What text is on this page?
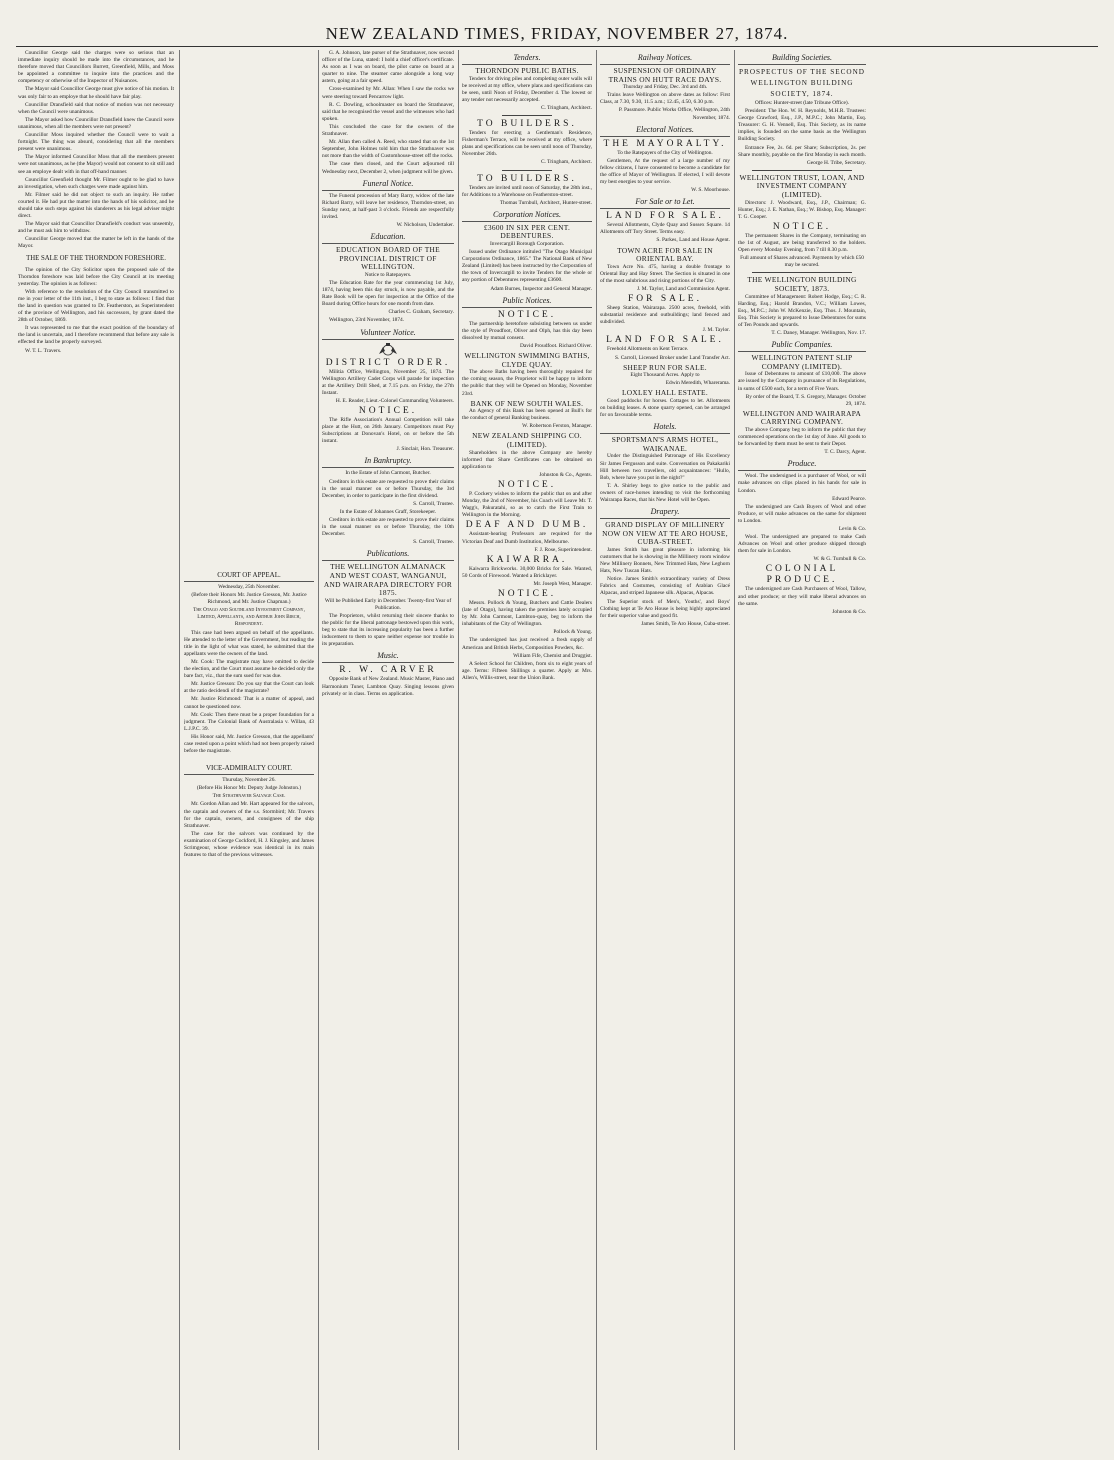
NEW ZEALAND TIMES, FRIDAY, NOVEMBER 27, 1874.

Councillor George said the charges were so serious that an immediate inquiry should be made into the circumstances, and he therefore moved that Councillors Burrett, Greenfield, Mills, and Moss be appointed a committee to inquire into the practices and the competency or otherwise of the Inspector of Nuisances.

The Mayor said Councillor George must give notice of his motion. It was only fair to an employe that he should have fair play.

Councillor Dransfield said that notice of motion was not necessary when the Council were unanimous.

The Mayor asked how Councillor Dransfield knew the Council were unanimous, when all the members were not present?

Councillor Moss inquired whether the Council were to wait a fortnight. The thing was absurd, considering that all the members present were unanimous.

The Mayor informed Councillor Moss that all the members present were not unanimous, as he (the Mayor) would not consent to sit still and see an employe dealt with in that off-hand manner.

Councillor Greenfield thought Mr. Filmer ought to be glad to have an investigation, when such charges were made against him.

Mr. Filmer said he did not object to such an inquiry. He rather courted it. He had put the matter into the hands of his solicitor, and he should take such steps against his slanderers as his legal adviser might direct.

The Mayor said that Councillor Dransfield's conduct was unseemly, and he must ask him to withdraw.

Councillor George moved that the matter be left in the hands of the Mayor.

THE SALE OF THE THORNDON FORESHORE.

The opinion of the City Solicitor upon the proposed sale of the Thorndon foreshore was laid before the City Council at its meeting yesterday. The opinion is as follows:

With reference to the resolution of the City Council transmitted to me in your letter of the 11th inst., I beg to state as follows: I find that the land in question was granted to Dr. Featherston, as Superintendent of the province of Wellington, and his successors, by grant dated the 28th of October, 1869.

It was represented to me that the exact position of the boundary of the land is uncertain, and I therefore recommend that before any sale is effected the land be properly surveyed.

W. T. L. Travers.

COURT OF APPEAL.

Wednesday, 25th November.

(Before their Honors Mr. Justice Gresson, Mr. Justice Richmond, and Mr. Justice Chapman.)

The Otago and Southland Investment Company, Limited, Appellants, and Arthur John Birch, Respondent.

This case had been argued on behalf of the appellants. He attended to the letter of the Government, but reading the title in the light of what was stated, he submitted that the appellants were the owners of the land.

Mr. Cook: The magistrate may have omitted to decide the election, and the Court must assume he decided only the bare fact, viz., that the sum sued for was due.

Mr. Justice Gresson: Do you say that the Court can look at the ratio decidendi of the magistrate?

Mr. Justice Richmond: That is a matter of appeal, and cannot be questioned now.

Mr. Cook: Then there must be a proper foundation for a judgment. The Colonial Bank of Australasia v. Willan, 43 L.J.P.C. 39.

His Honor said, Mr. Justice Gresson, that the appellants' case rested upon a point which had not been properly raised before the magistrate.

VICE-ADMIRALTY COURT.

Thursday, November 26.

(Before His Honor Mr. Deputy Judge Johnston.)

The Strathnaver Salvage Case.

Mr. Gordon Allan and Mr. Hart appeared for the salvors, the captain and owners of the s.s. Stormbird; Mr. Travers for the captain, owners, and consignees of the ship Strathnaver.

The case for the salvors was continued by the examination of George Cockford, H. J. Kingsley, and James Scrimgeour, whose evidence was identical in its main features to that of the previous witnesses.

G. A. Johnson, late purser of the Strathnaver, now second officer of the Luna, stated: I hold a chief officer's certificate. As soon as I was on board, the pilot came on board at a quarter to nine. The steamer came alongside a long way astern, going at a fair speed.

Cross-examined by Mr. Allan: When I saw the rocks we were steering toward Pencarrow light.

R. C. Dowling, schoolmaster on board the Strathnaver, said that he recognised the vessel and the witnesses who had spoken.

This concluded the case for the owners of the Strathnaver.

Mr. Allan then called A. Reed, who stated that on the 1st September, John Holmes told him that the Strathnaver was not more than the width of Customhouse-street off the rocks.

The case then closed, and the Court adjourned till Wednesday next, December 2, when judgment will be given.

Funeral Notice.

The Funeral procession of Mary Barry, widow of the late Richard Barry, will leave her residence, Thorndon-street, on Sunday next, at half-past 3 o'clock. Friends are respectfully invited.

W. Nicholson, Undertaker.

Education.
EDUCATION BOARD OF THE PROVINCIAL DISTRICT OF WELLINGTON.

Notice to Ratepayers.

The Education Rate for the year commencing 1st July, 1874, having been this day struck, is now payable, and the Rate Book will be open for inspection at the Office of the Board during Office hours for one month from date.

Charles C. Graham, Secretary.

Wellington, 23rd November, 1874.

Volunteer Notice.
DISTRICT ORDER.

Militia Office, Wellington, November 25, 1874. The Wellington Artillery Cadet Corps will parade for inspection at the Artillery Drill Shed, at 7.15 p.m. on Friday, the 27th Instant.

H. E. Reader, Lieut.-Colonel Commanding Volunteers.

NOTICE.

The Rifle Association's Annual Competition will take place at the Hutt, on 26th January. Competitors must Pay Subscriptions at Donovan's Hotel, on or before the 5th instant.

J. Sinclair, Hon. Treasurer.

In Bankruptcy.

In the Estate of John Carmont, Butcher.

Creditors in this estate are requested to prove their claims in the usual manner on or before Thursday, the 3rd December, in order to participate in the first dividend.

S. Carroll, Trustee.

In the Estate of Johannes Graff, Storekeeper.

Creditors in this estate are requested to prove their claims in the usual manner on or before Thursday, the 10th December.

S. Carroll, Trustee.

Publications.
THE WELLINGTON ALMANACK AND WEST COAST, WANGANUI, AND WAIRARAPA DIRECTORY FOR 1875.

Will be Published Early in December. Twenty-first Year of Publication.

The Proprietors, whilst returning their sincere thanks to the public for the liberal patronage bestowed upon this work, beg to state that its increasing popularity has been a further inducement to them to spare neither expense nor trouble in its preparation.

Music.
R. W. CARVER

Opposite Bank of New Zealand. Music Master, Piano and Harmonium Tuner, Lambton Quay. Singing lessons given privately or in class. Terms on application.

Tenders.
THORNDON PUBLIC BATHS.

Tenders for driving piles and completing outer walls will be received at my office, where plans and specifications can be seen, until Noon of Friday, December 4. The lowest or any tender not necessarily accepted.

C. Tringham, Architect.

TO BUILDERS.

Tenders for erecting a Gentleman's Residence, Fisherman's Terrace, will be received at my office, where plans and specifications can be seen until noon of Thursday, November 26th.

C. Tringham, Architect.

TO BUILDERS.

Tenders are invited until noon of Saturday, the 28th inst., for Additions to a Warehouse on Featherston-street.

Thomas Turnbull, Architect, Hunter-street.

Corporation Notices.
£3600 IN SIX PER CENT. DEBENTURES.

Invercargill Borough Corporation.

Issued under Ordinance intituled "The Otago Municipal Corporations Ordinance, 1865." The National Bank of New Zealand (Limited) has been instructed by the Corporation of the town of Invercargill to invite Tenders for the whole or any portion of Debentures representing £3600.

Adam Burnes, Inspector and General Manager.

Public Notices.
NOTICE.

The partnership heretofore subsisting between us under the style of Proudfoot, Oliver and Olph, has this day been dissolved by mutual consent.

David Proudfoot. Richard Oliver.

WELLINGTON SWIMMING BATHS, CLYDE QUAY.

The above Baths having been thoroughly repaired for the coming season, the Proprietor will be happy to inform the public that they will be Opened on Monday, November 23rd.

BANK OF NEW SOUTH WALES.

An Agency of this Bank has been opened at Bull's for the conduct of general Banking business.

W. Robertson Ferston, Manager.

NEW ZEALAND SHIPPING CO. (LIMITED).

Shareholders in the above Company are hereby informed that Share Certificates can be obtained on application to

Johnston & Co., Agents.

NOTICE.

P. Cockery wishes to inform the public that on and after Monday, the 2nd of November, his Coach will Leave Mr. T. Wagg's, Pakuratahi, so as to catch the First Train to Wellington in the Morning.

DEAF AND DUMB.

Assistant-hearing Professors are required for the Victorian Deaf and Dumb Institution, Melbourne.

F. J. Rose, Superintendent.

KAIWARRA.

Kaiwarra Brickworks. 30,000 Bricks for Sale. Wanted, 50 Cords of Firewood. Wanted a Bricklayer.

Mr. Joseph West, Manager.

NOTICE.

Messrs. Pollock & Young, Butchers and Cattle Dealers (late of Otago), having taken the premises lately occupied by Mr. John Carmont, Lambton-quay, beg to inform the inhabitants of the City of Wellington.

Pollock & Young.

The undersigned has just received a fresh supply of American and British Herbs, Composition Powders, &c.

William Fife, Chemist and Druggist.

A Select School for Children, from six to eight years of age. Terms: Fifteen Shillings a quarter. Apply at Mrs. Allen's, Willis-street, near the Union Bank.

Railway Notices.
SUSPENSION OF ORDINARY TRAINS ON HUTT RACE DAYS.

Thursday and Friday, Dec. 3rd and 4th.

Trains leave Wellington on above dates as follow: First Class, at 7.30, 9.30, 11.5 a.m.; 12.45, 4.50, 6.30 p.m.

P. Passmore. Public Works Office, Wellington, 24th November, 1874.

Electoral Notices.
THE MAYORALTY.

To the Ratepayers of the City of Wellington.

Gentlemen, At the request of a large number of my fellow citizens, I have consented to become a candidate for the office of Mayor of Wellington. If elected, I will devote my best energies to your service.

W. S. Moorhouse.

For Sale or to Let.
LAND FOR SALE.

Several Allotments, Clyde Quay and Sussex Square. 14 Allotments off Tory Street. Terms easy.

S. Parkes, Land and House Agent.

TOWN ACRE FOR SALE IN ORIENTAL BAY.

Town Acre No. 475, having a double frontage to Oriental Bay and Hay Street. The Section is situated in one of the most salubrious and rising portions of the City.

J. M. Taylor, Land and Commission Agent.

FOR SALE.

Sheep Station, Wairarapa. 2500 acres, freehold, with substantial residence and outbuildings; land fenced and subdivided.

J. M. Taylor.

LAND FOR SALE.

Freehold Allotments on Kent Terrace.

S. Carroll, Licensed Broker under Land Transfer Act.

SHEEP RUN FOR SALE.

Eight Thousand Acres. Apply to

Edwin Meredith, Wharerama.

LOXLEY HALL ESTATE.

Good paddocks for horses. Cottages to let. Allotments on building leases. A stone quarry opened, can be arranged for on favourable terms.

Hotels.
SPORTSMAN'S ARMS HOTEL, WAIKANAE.

Under the Distinguished Patronage of His Excellency Sir James Fergusson and suite. Conversation on Pakakariki Hill between two travellers, old acquaintances: "Hullo, Bob, where have you put in the night?"

T. A. Shirley begs to give notice to the public and owners of race-horses intending to visit the forthcoming Wairarapa Races, that his New Hotel will be Open.

Drapery.
GRAND DISPLAY OF MILLINERY NOW ON VIEW AT TE ARO HOUSE, CUBA-STREET.

James Smith has great pleasure in informing his customers that he is showing in the Millinery room window New Millinery Bonnets, New Trimmed Hats, New Leghorn Hats, New Tuscan Hats.

Notice. James Smith's extraordinary variety of Dress Fabrics and Costumes, consisting of Arabian Glacé Alpacas, and striped Japanese silk. Alpacas, Alpacas.

The Superior stock of Men's, Youths', and Boys' Clothing kept at Te Aro House is being highly appreciated for their superior value and good fit.

James Smith, Te Aro House, Cuba-street.

Building Societies.
PROSPECTUS OF THE SECOND WELLINGTON BUILDING SOCIETY, 1874.

Offices: Hunter-street (late Tribune Office).

President: The Hon. W. H. Reynolds, M.H.R. Trustees: George Crawford, Esq., J.P., M.P.C.; John Martin, Esq. Treasurer: G. H. Vennell, Esq. This Society, as its name implies, is founded on the same basis as the Wellington Building Society.

Entrance Fee, 2s. 6d. per Share; Subscription, 2s. per Share monthly, payable on the first Monday in each month.

George H. Tribe, Secretary.

WELLINGTON TRUST, LOAN, AND INVESTMENT COMPANY (LIMITED).

Directors: J. Woodward, Esq., J.P., Chairman; G. Hunter, Esq.; J. E. Nathan, Esq.; W. Bishop, Esq. Manager: T. G. Cooper.

NOTICE.

The permanent Shares in the Company, terminating on the 1st of August, are being transferred to the holders. Open every Monday Evening, from 7 till 8.30 p.m.

Full amount of Shares advanced. Payments by which £50 may be secured.

THE WELLINGTON BUILDING SOCIETY, 1873.

Committee of Management: Robert Hodge, Esq.; C. R. Harding, Esq.; Harold Brandon, V.C.; William Lowes, Esq., M.P.C.; John W. McKenzie, Esq. Thos. J. Mountain, Esq. This Society is prepared to Issue Debentures for sums of Ten Pounds and upwards.

T. C. Daney, Manager. Wellington, Nov. 17.

Public Companies.
WELLINGTON PATENT SLIP COMPANY (LIMITED).

Issue of Debentures to amount of £10,000. The above are issued by the Company in pursuance of its Regulations, in sums of £500 each, for a term of Five Years.

By order of the Board, T. S. Gregory, Manager. October 29, 1874.

WELLINGTON AND WAIRARAPA CARRYING COMPANY.

The above Company beg to inform the public that they commenced operations on the 1st day of June. All goods to be forwarded by them must be sent to their Depot.

T. C. Darcy, Agent.

Produce.

Wool. The undersigned is a purchaser of Wool, or will make advances on clips placed in his hands for sale in London.

Edward Pearce.

The undersigned are Cash Buyers of Wool and other Produce, or will make advances on the same for shipment to London.

Levin & Co.

Wool. The undersigned are prepared to make Cash Advances on Wool and other produce shipped through them for sale in London.

W. & G. Turnbull & Co.

COLONIAL PRODUCE.

The undersigned are Cash Purchasers of Wool, Tallow, and other produce; or they will make liberal advances on the same.

Johnston & Co.
